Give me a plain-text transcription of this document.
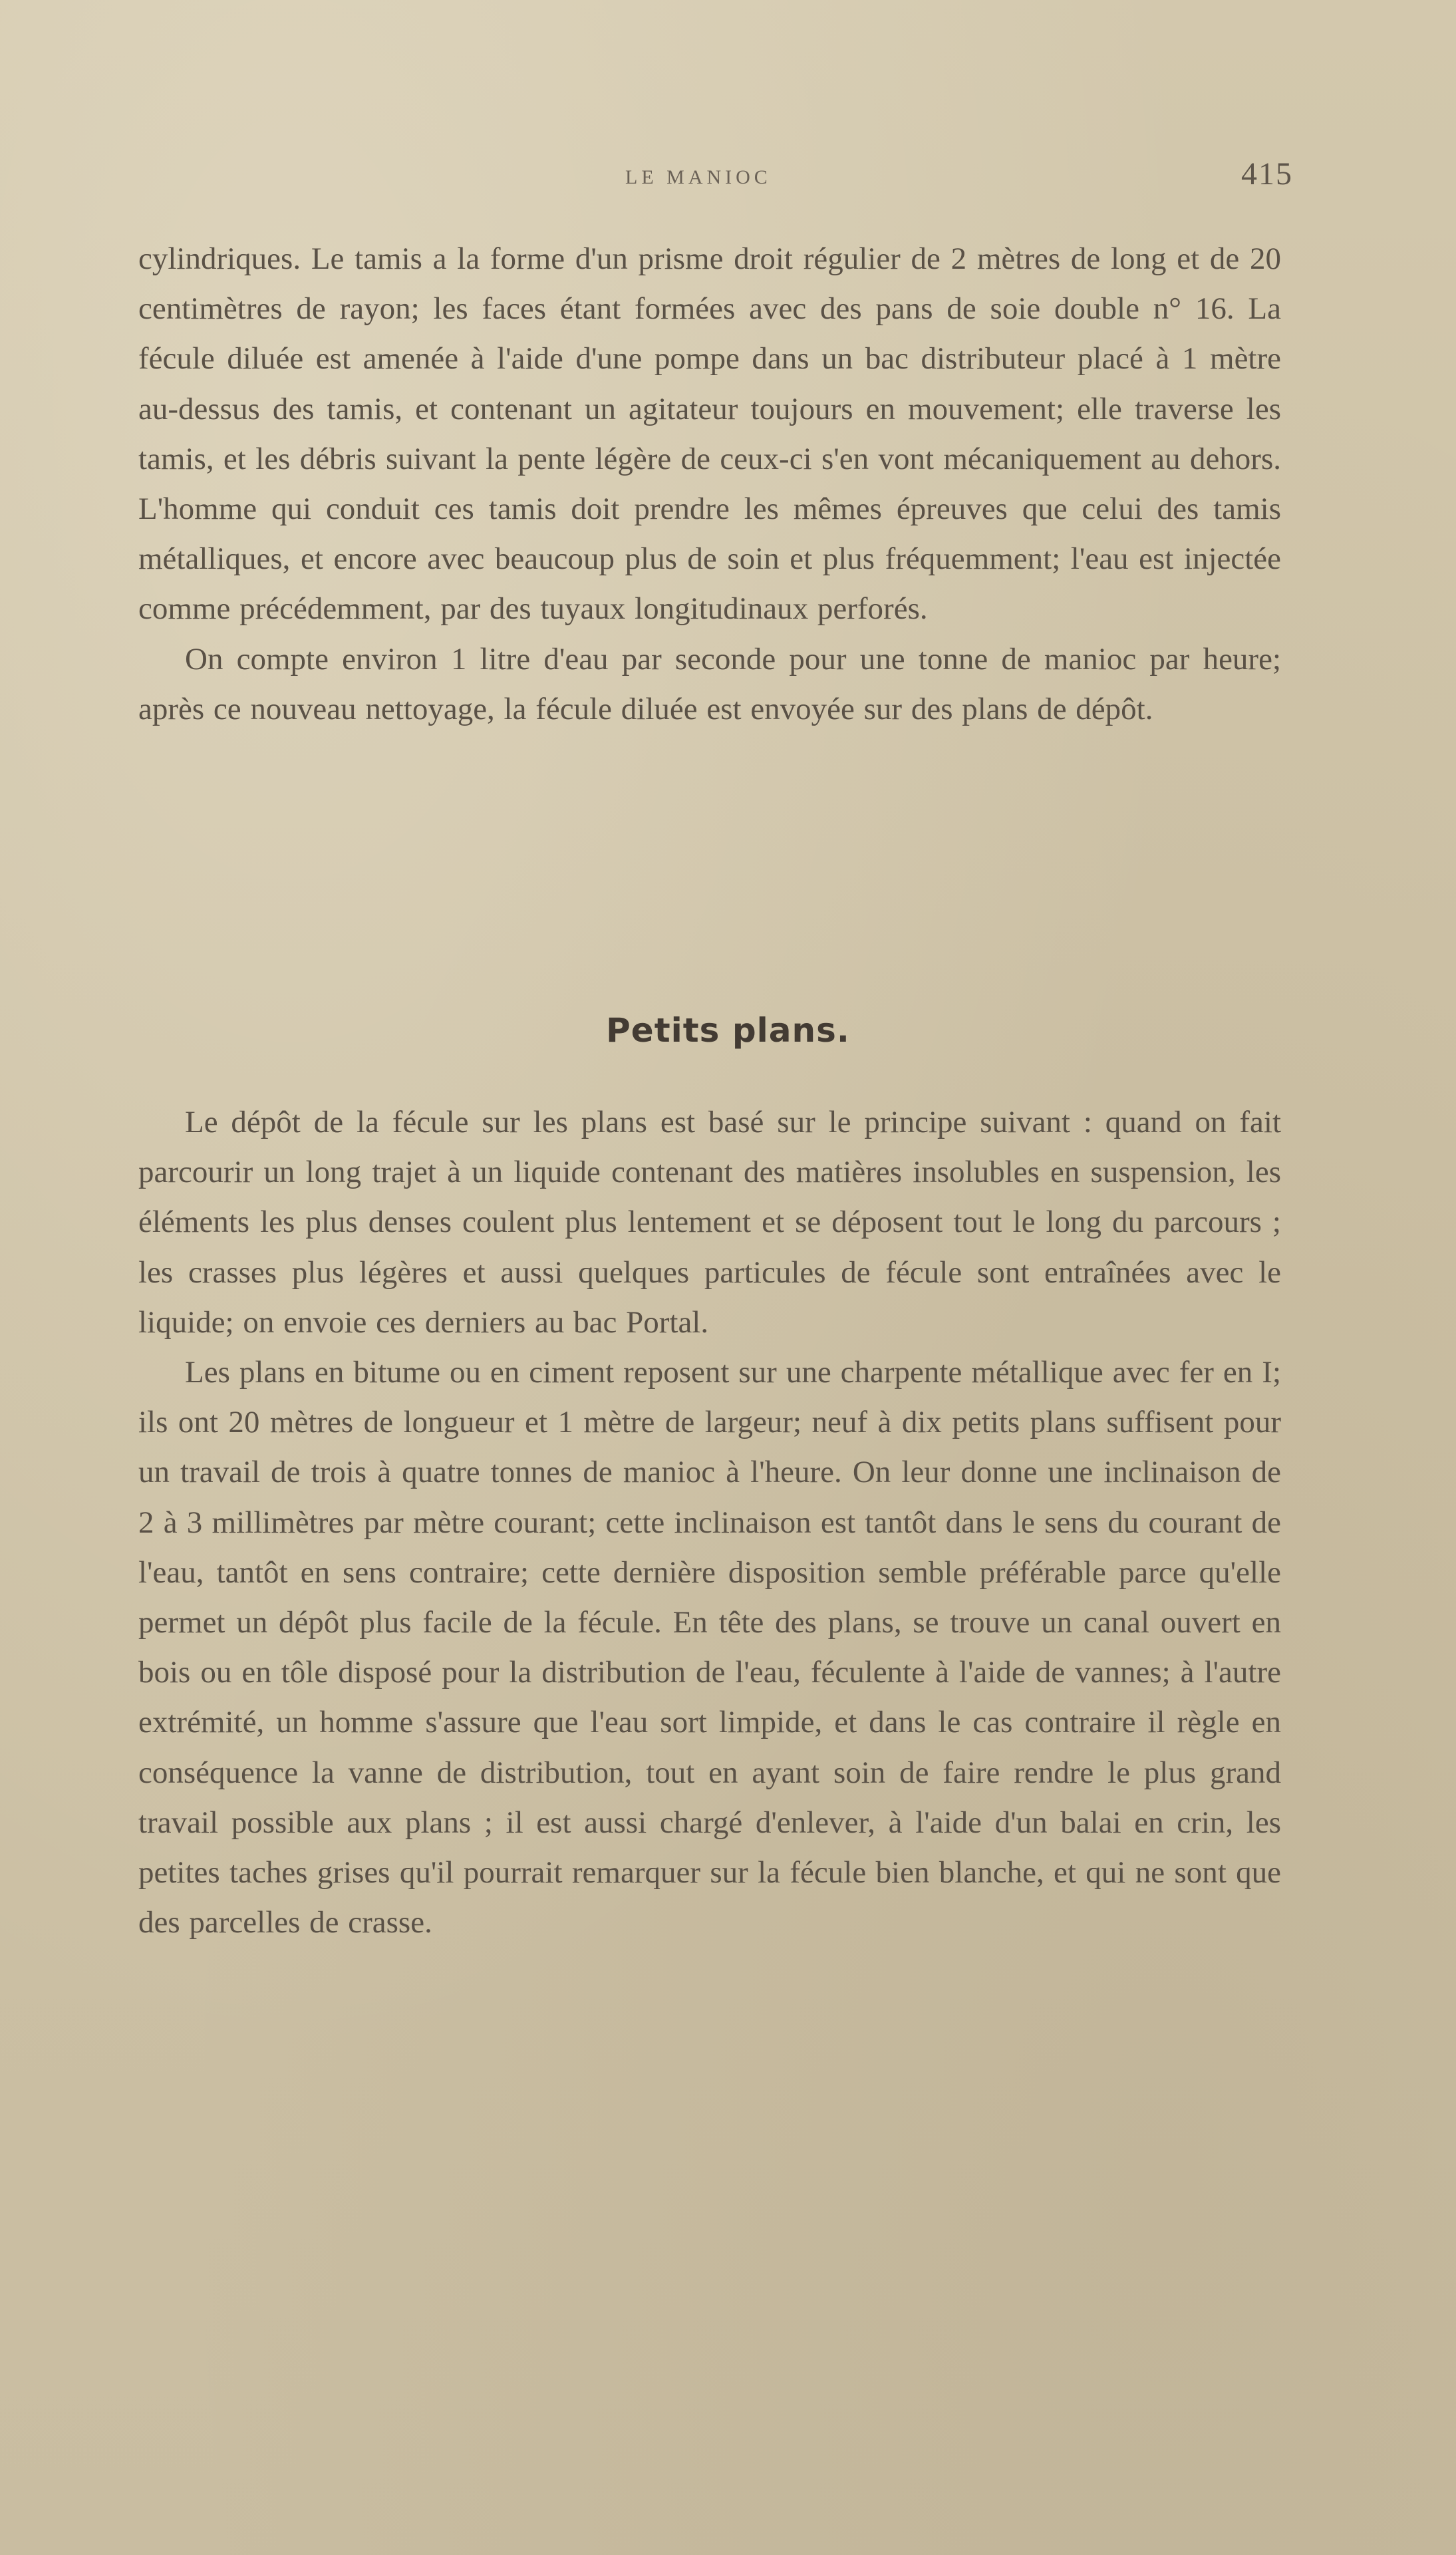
LE MANIOC	415

cylindriques. Le tamis a la forme d'un prisme droit régulier de 2 mètres de long et de 20 centimètres de rayon; les faces étant formées avec des pans de soie double n° 16. La fécule diluée est amenée à l'aide d'une pompe dans un bac distributeur placé à 1 mètre au-dessus des tamis, et contenant un agitateur toujours en mouvement; elle traverse les tamis, et les débris suivant la pente légère de ceux-ci s'en vont mécaniquement au dehors. L'homme qui conduit ces tamis doit prendre les mêmes épreuves que celui des tamis métalliques, et encore avec beaucoup plus de soin et plus fréquemment; l'eau est injectée comme précédemment, par des tuyaux longitudinaux perforés.

On compte environ 1 litre d'eau par seconde pour une tonne de manioc par heure; après ce nouveau nettoyage, la fécule diluée est envoyée sur des plans de dépôt.

Petits plans.

Le dépôt de la fécule sur les plans est basé sur le principe suivant : quand on fait parcourir un long trajet à un liquide contenant des matières insolubles en suspension, les éléments les plus denses coulent plus lentement et se déposent tout le long du parcours ; les crasses plus légères et aussi quelques particules de fécule sont entraînées avec le liquide; on envoie ces derniers au bac Portal.

Les plans en bitume ou en ciment reposent sur une charpente métallique avec fer en I; ils ont 20 mètres de longueur et 1 mètre de largeur; neuf à dix petits plans suffisent pour un travail de trois à quatre tonnes de manioc à l'heure. On leur donne une inclinaison de 2 à 3 millimètres par mètre courant; cette inclinaison est tantôt dans le sens du courant de l'eau, tantôt en sens contraire; cette dernière disposition semble préférable parce qu'elle permet un dépôt plus facile de la fécule. En tête des plans, se trouve un canal ouvert en bois ou en tôle disposé pour la distribution de l'eau, féculente à l'aide de vannes; à l'autre extrémité, un homme s'assure que l'eau sort limpide, et dans le cas contraire il règle en conséquence la vanne de distribution, tout en ayant soin de faire rendre le plus grand travail possible aux plans ; il est aussi chargé d'enlever, à l'aide d'un balai en crin, les petites taches grises qu'il pourrait remarquer sur la fécule bien blanche, et qui ne sont que des parcelles de crasse.
